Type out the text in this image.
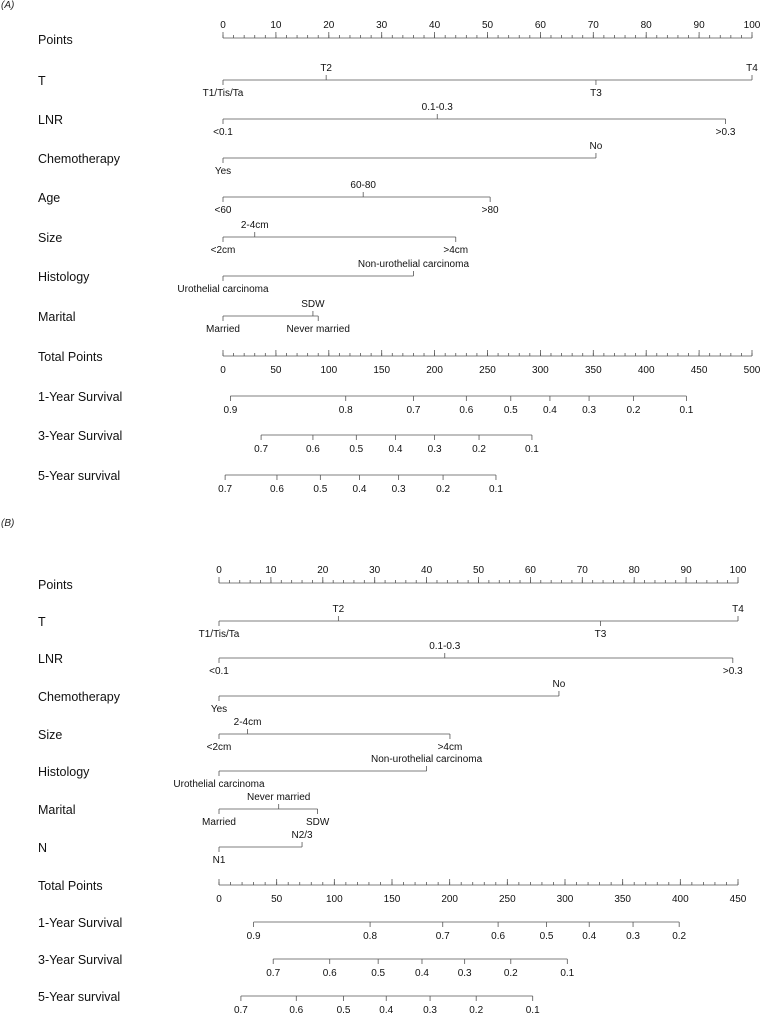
(A)
Points
0	10	20	30	40	50	60	70	80	90	100
T
T1/Tis/Ta
T2
T3
T4
LNR
<0.1
0.1-0.3
>0.3
Chemotherapy
Yes
No
Age
<60
60-80
>80
Size
<2cm
2-4cm
>4cm
Histology
Urothelial carcinoma
Non-urothelial carcinoma
Marital
Married
SDW
Never married
Total Points
0	50	100	150	200	250	300	350	400	450	500
1-Year Survival
0.9	0.8	0.7	0.6	0.5	0.4	0.3	0.2	0.1
3-Year Survival
0.7	0.6	0.5	0.4	0.3	0.2	0.1
5-Year survival
0.7	0.6	0.5	0.4	0.3	0.2	0.1
(B)
Points
0	10	20	30	40	50	60	70	80	90	100
T
T1/Tis/Ta
T2
T3
T4
LNR
<0.1
0.1-0.3
>0.3
Chemotherapy
Yes
No
Size
<2cm
2-4cm
>4cm
Histology
Urothelial carcinoma
Non-urothelial carcinoma
Marital
Married
Never married
SDW
N
N1
N2/3
Total Points
0	50	100	150	200	250	300	350	400	450
1-Year Survival
0.9	0.8	0.7	0.6	0.5	0.4	0.3	0.2
3-Year Survival
0.7	0.6	0.5	0.4	0.3	0.2	0.1
5-Year survival
0.7	0.6	0.5	0.4	0.3	0.2	0.1
